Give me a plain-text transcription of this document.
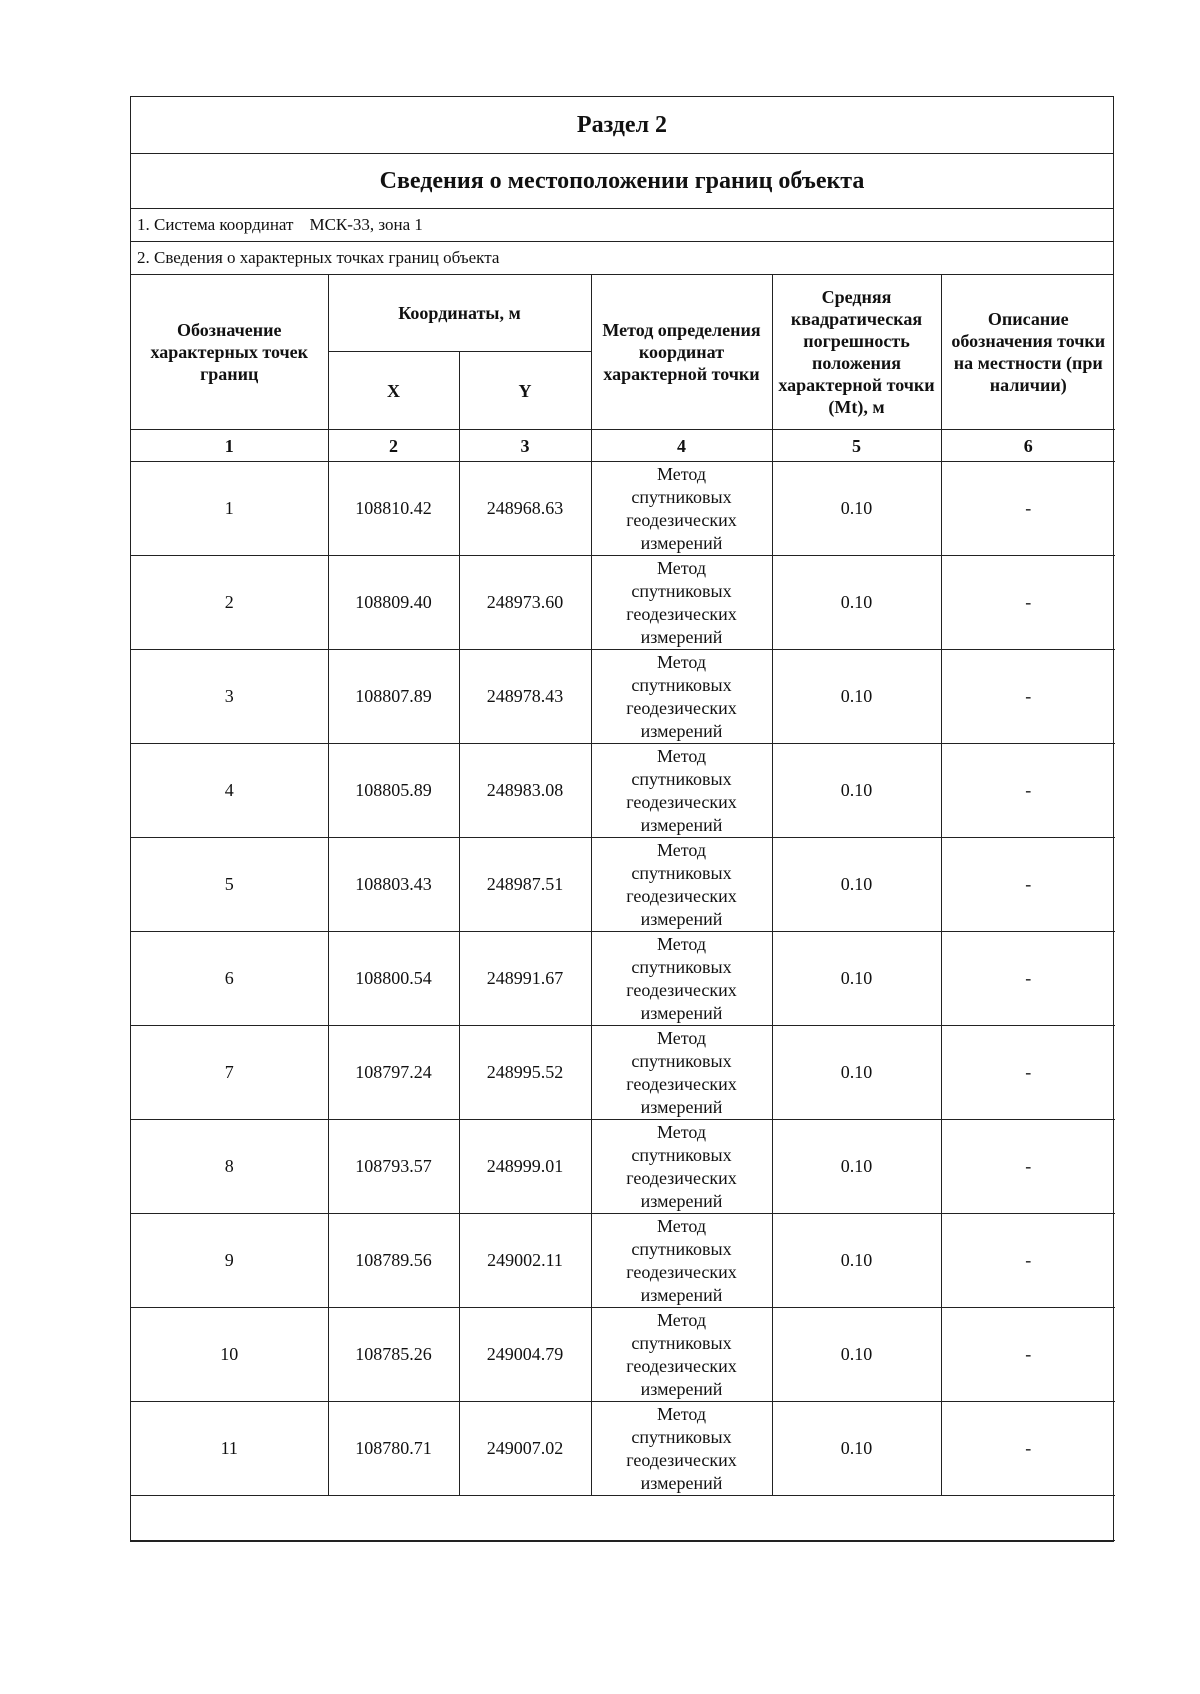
Раздел 2
Сведения о местоположении границ объекта
1. Система координат МСК-33, зона 1
2. Сведения о характерных точках границ объекта
Обозначение характерных точек границ	Координаты, м		Метод определения координат характерной точки	Средняя квадратическая погрешность положения характерной точки (Mt), м	Описание обозначения точки на местности (при наличии)
	X	Y			
1	2	3	4	5	6
1	108810.42	248968.63	Метод
спутниковых
геодезических
измерений	0.10	-
2	108809.40	248973.60	Метод
спутниковых
геодезических
измерений	0.10	-
3	108807.89	248978.43	Метод
спутниковых
геодезических
измерений	0.10	-
4	108805.89	248983.08	Метод
спутниковых
геодезических
измерений	0.10	-
5	108803.43	248987.51	Метод
спутниковых
геодезических
измерений	0.10	-
6	108800.54	248991.67	Метод
спутниковых
геодезических
измерений	0.10	-
7	108797.24	248995.52	Метод
спутниковых
геодезических
измерений	0.10	-
8	108793.57	248999.01	Метод
спутниковых
геодезических
измерений	0.10	-
9	108789.56	249002.11	Метод
спутниковых
геодезических
измерений	0.10	-
10	108785.26	249004.79	Метод
спутниковых
геодезических
измерений	0.10	-
11	108780.71	249007.02	Метод
спутниковых
геодезических
измерений	0.10	-
